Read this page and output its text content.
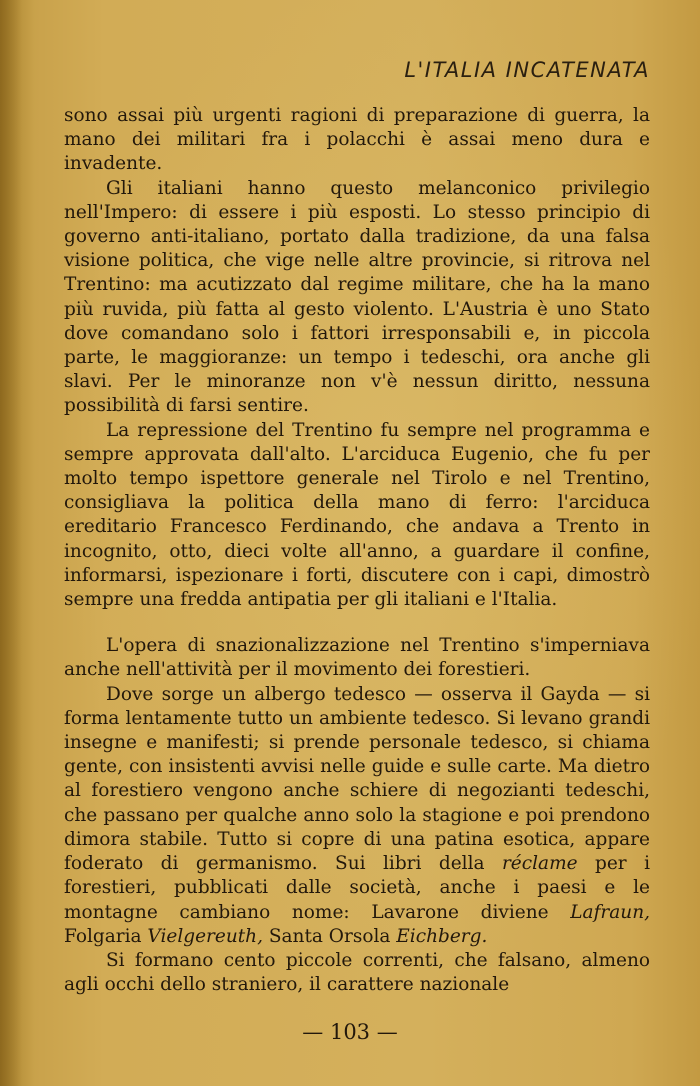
L'ITALIA INCATENATA

sono assai più urgenti ragioni di preparazione di guerra, la mano dei militari fra i polacchi è assai meno dura e invadente.

Gli italiani hanno questo melanconico privilegio nell'Impero: di essere i più esposti. Lo stesso principio di governo anti-italiano, portato dalla tradizione, da una falsa visione politica, che vige nelle altre provincie, si ritrova nel Trentino: ma acutizzato dal regime militare, che ha la mano più ruvida, più fatta al gesto violento. L'Austria è uno Stato dove comandano solo i fattori irresponsabili e, in piccola parte, le maggioranze: un tempo i tedeschi, ora anche gli slavi. Per le minoranze non v'è nessun diritto, nessuna possibilità di farsi sentire.

La repressione del Trentino fu sempre nel programma e sempre approvata dall'alto. L'arciduca Eugenio, che fu per molto tempo ispettore generale nel Tirolo e nel Trentino, consigliava la politica della mano di ferro: l'arciduca ereditario Francesco Ferdinando, che andava a Trento in incognito, otto, dieci volte all'anno, a guardare il confine, informarsi, ispezionare i forti, discutere con i capi, dimostrò sempre una fredda antipatia per gli italiani e l'Italia.

L'opera di snazionalizzazione nel Trentino s'imperniava anche nell'attività per il movimento dei forestieri.

Dove sorge un albergo tedesco — osserva il Gayda — si forma lentamente tutto un ambiente tedesco. Si levano grandi insegne e manifesti; si prende personale tedesco, si chiama gente, con insistenti avvisi nelle guide e sulle carte. Ma dietro al forestiero vengono anche schiere di negozianti tedeschi, che passano per qualche anno solo la stagione e poi prendono dimora stabile. Tutto si copre di una patina esotica, appare foderato di germanismo. Sui libri della réclame per i forestieri, pubblicati dalle società, anche i paesi e le montagne cambiano nome: Lavarone diviene Lafraun, Folgaria Vielgereuth, Santa Orsola Eichberg.

Si formano cento piccole correnti, che falsano, almeno agli occhi dello straniero, il carattere nazionale

— 103 —
